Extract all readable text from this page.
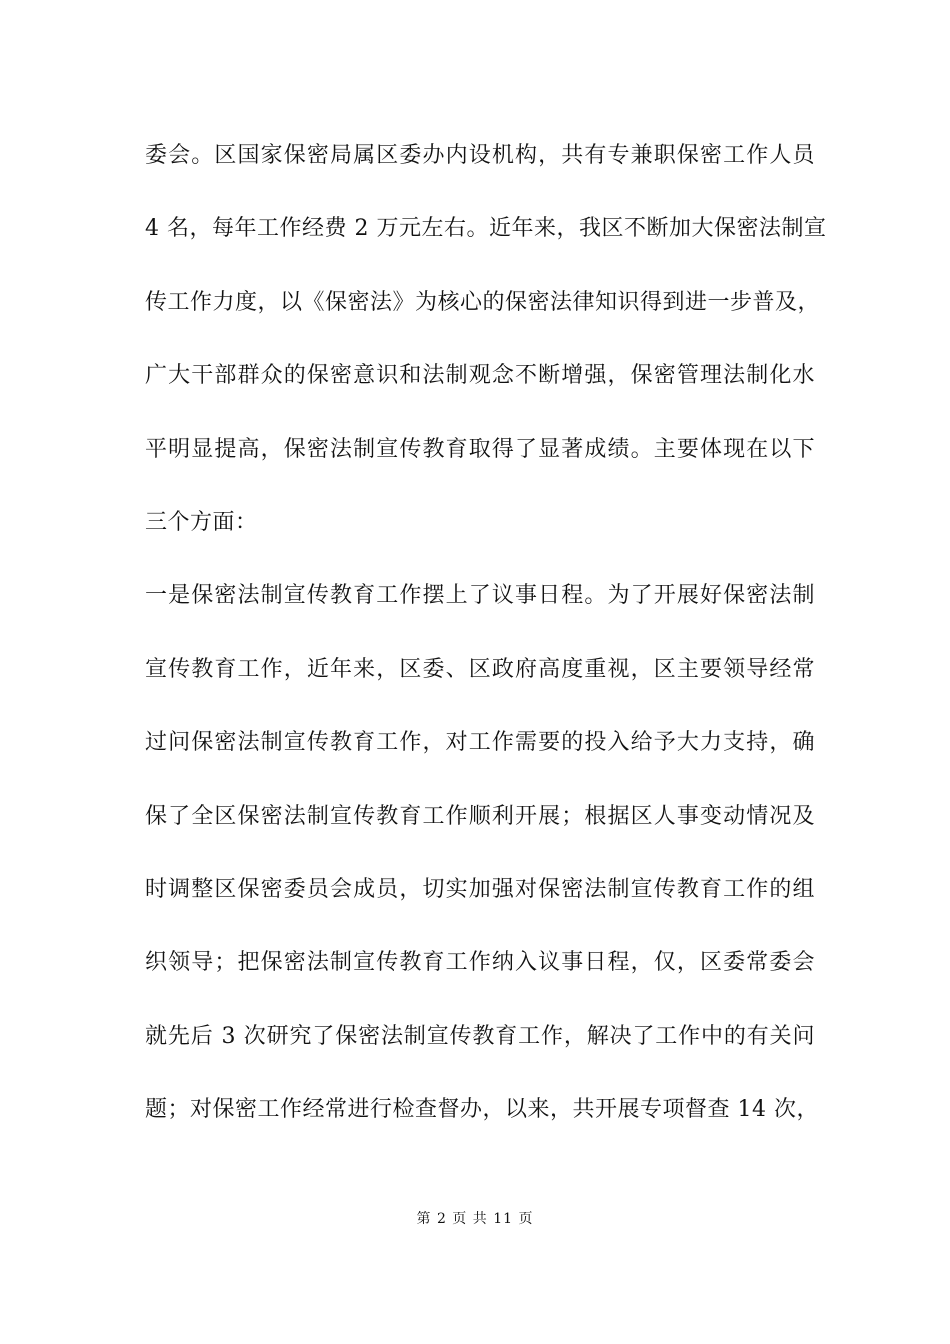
委会。区国家保密局属区委办内设机构，共有专兼职保密工作人员
4 名，每年工作经费 2 万元左右。近年来，我区不断加大保密法制宣
传工作力度，以《保密法》为核心的保密法律知识得到进一步普及，
广大干部群众的保密意识和法制观念不断增强，保密管理法制化水
平明显提高，保密法制宣传教育取得了显著成绩。主要体现在以下
三个方面：
一是保密法制宣传教育工作摆上了议事日程。为了开展好保密法制
宣传教育工作，近年来，区委、区政府高度重视，区主要领导经常
过问保密法制宣传教育工作，对工作需要的投入给予大力支持，确
保了全区保密法制宣传教育工作顺利开展；根据区人事变动情况及
时调整区保密委员会成员，切实加强对保密法制宣传教育工作的组
织领导；把保密法制宣传教育工作纳入议事日程，仅，区委常委会
就先后 3 次研究了保密法制宣传教育工作，解决了工作中的有关问
题；对保密工作经常进行检查督办，以来，共开展专项督查 14 次，
第 2 页 共 11 页
